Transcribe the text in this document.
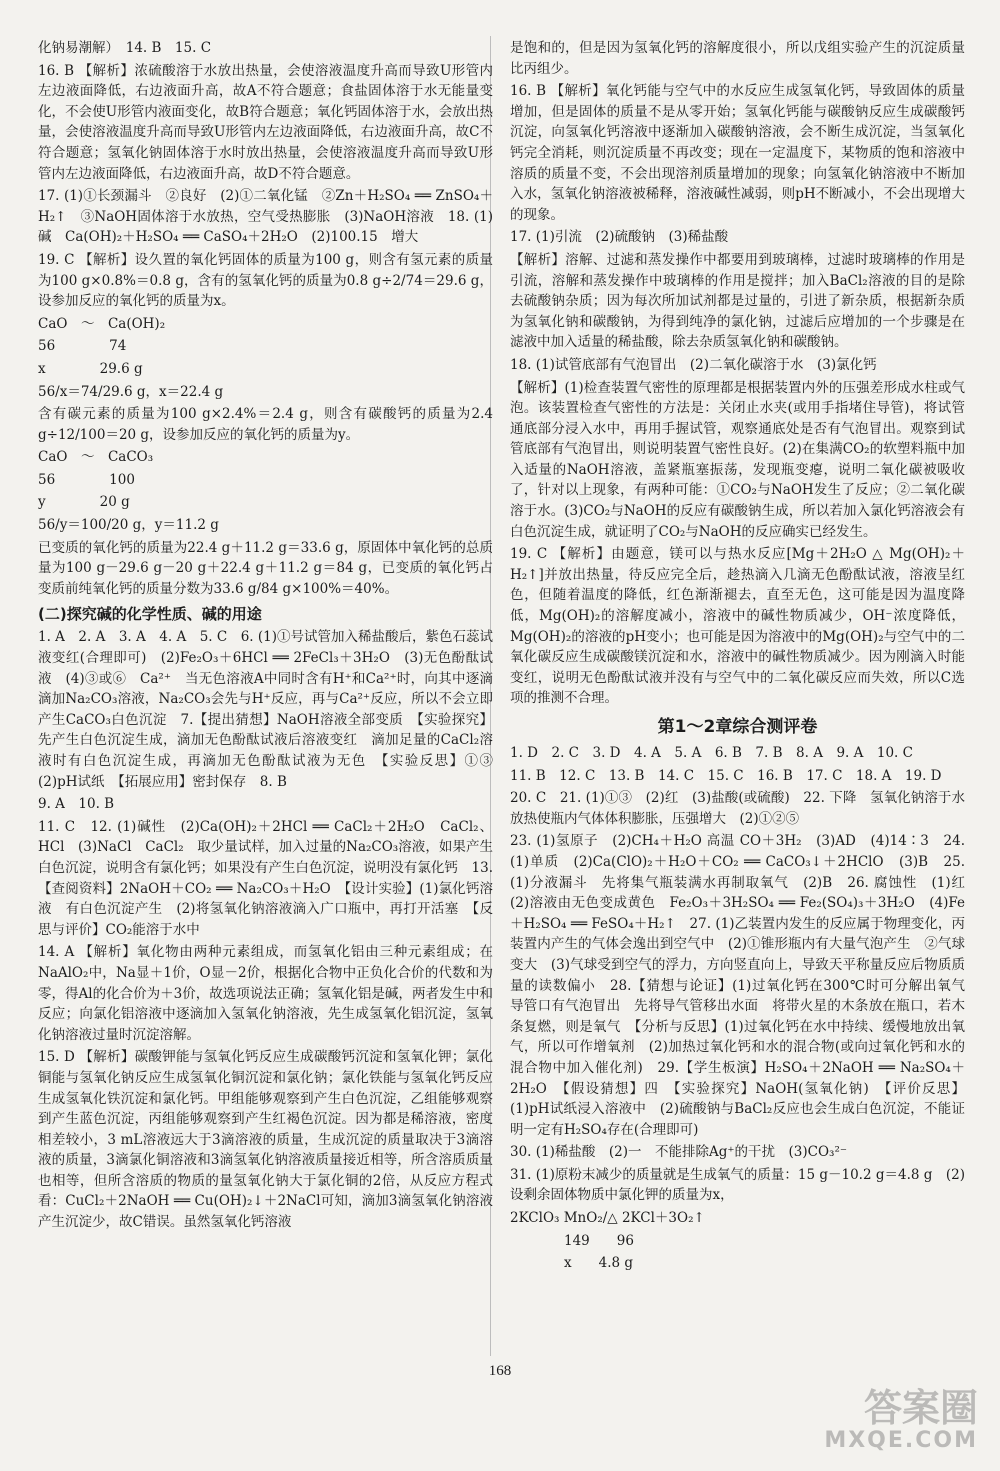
化钠易潮解）　14. B　15. C
16. B 【解析】浓硫酸溶于水放出热量，会使溶液温度升高而导致U形管内左边液面降低，右边液面升高，故A不符合题意；食盐固体溶于水无能量变化，不会使U形管内液面变化，故B符合题意；氧化钙固体溶于水，会放出热量，会使溶液温度升高而导致U形管内左边液面降低，右边液面升高，故C不符合题意；氢氧化钠固体溶于水时放出热量，会使溶液温度升高而导致U形管内左边液面降低，右边液面升高，故D不符合题意。
17. (1)①长颈漏斗　②良好　(2)①二氧化锰　②Zn＋H₂SO₄ ══ ZnSO₄＋H₂↑　③NaOH固体溶于水放热，空气受热膨胀　(3)NaOH溶液　18. (1)碱　Ca(OH)₂＋H₂SO₄ ══ CaSO₄＋2H₂O　(2)100.15　增大
19. C 【解析】设久置的氧化钙固体的质量为100 g，则含有氢元素的质量为100 g×0.8%＝0.8 g，含有的氢氧化钙的质量为0.8 g÷2/74＝29.6 g，设参加反应的氧化钙的质量为x。
CaO　～　Ca(OH)₂
56　　　　74
x　　　　29.6 g
56/x＝74/29.6 g，x＝22.4 g
含有碳元素的质量为100 g×2.4%＝2.4 g，则含有碳酸钙的质量为2.4 g÷12/100＝20 g，设参加反应的氧化钙的质量为y。
CaO　～　CaCO₃
56　　　　100
y　　　　20 g
56/y＝100/20 g，y＝11.2 g
已变质的氧化钙的质量为22.4 g＋11.2 g＝33.6 g，原固体中氧化钙的总质量为100 g－29.6 g－20 g＋22.4 g＋11.2 g＝84 g，已变质的氧化钙占变质前纯氧化钙的质量分数为33.6 g/84 g×100%＝40%。
(二)探究碱的化学性质、碱的用途
1. A　2. A　3. A　4. A　5. C　6. (1)①号试管加入稀盐酸后，紫色石蕊试液变红(合理即可)　(2)Fe₂O₃＋6HCl ══ 2FeCl₃＋3H₂O　(3)无色酚酞试液　(4)③或⑥　Ca²⁺　当无色溶液A中同时含有H⁺和Ca²⁺时，向其中逐滴滴加Na₂CO₃溶液，Na₂CO₃会先与H⁺反应，再与Ca²⁺反应，所以不会立即产生CaCO₃白色沉淀　7.【提出猜想】NaOH溶液全部变质　【实验探究】先产生白色沉淀生成，滴加无色酚酞试液后溶液变红　滴加足量的CaCl₂溶液时有白色沉淀生成，再滴加无色酚酞试液为无色　【实验反思】①③　(2)pH试纸　【拓展应用】密封保存　8. B
9. A　10. B
11. C　12. (1)碱性　(2)Ca(OH)₂＋2HCl ══ CaCl₂＋2H₂O　CaCl₂、HCl　(3)NaCl　CaCl₂　取少量试样，加入过量的Na₂CO₃溶液，如果产生白色沉淀，说明含有氯化钙；如果没有产生白色沉淀，说明没有氯化钙　13.【查阅资料】2NaOH＋CO₂ ══ Na₂CO₃＋H₂O　【设计实验】(1)氯化钙溶液　有白色沉淀产生　(2)将氢氧化钠溶液滴入广口瓶中，再打开活塞　【反思与评价】CO₂能溶于水中
14. A 【解析】氧化物由两种元素组成，而氢氧化铝由三种元素组成；在NaAlO₂中，Na显＋1价，O显－2价，根据化合物中正负化合价的代数和为零，得Al的化合价为＋3价，故选项说法正确；氢氧化铝是碱，两者发生中和反应；向氯化铝溶液中逐滴加入氢氧化钠溶液，先生成氢氧化铝沉淀，氢氧化钠溶液过量时沉淀溶解。
15. D 【解析】碳酸钾能与氢氧化钙反应生成碳酸钙沉淀和氢氧化钾；氯化铜能与氢氧化钠反应生成氢氧化铜沉淀和氯化钠；氯化铁能与氢氧化钙反应生成氢氧化铁沉淀和氯化钙。甲组能够观察到产生白色沉淀，乙组能够观察到产生蓝色沉淀，丙组能够观察到产生红褐色沉淀。因为都是稀溶液，密度相差较小，3 mL溶液远大于3滴溶液的质量，生成沉淀的质量取决于3滴溶液的质量，3滴氯化铜溶液和3滴氢氧化钠溶液质量接近相等，所含溶质质量也相等，但所含溶质的物质的量氢氧化钠大于氯化铜的2倍，从反应方程式看：CuCl₂＋2NaOH ══ Cu(OH)₂↓＋2NaCl可知，滴加3滴氢氧化钠溶液产生沉淀少，故C错误。虽然氢氧化钙溶液
是饱和的，但是因为氢氧化钙的溶解度很小，所以戊组实验产生的沉淀质量比丙组少。
16. B 【解析】氧化钙能与空气中的水反应生成氢氧化钙，导致固体的质量增加，但是固体的质量不是从零开始；氢氧化钙能与碳酸钠反应生成碳酸钙沉淀，向氢氧化钙溶液中逐渐加入碳酸钠溶液，会不断生成沉淀，当氢氧化钙完全消耗，则沉淀质量不再改变；现在一定温度下，某物质的饱和溶液中溶质的质量不变，不会出现溶剂质量增加的现象；向氢氧化钠溶液中不断加入水，氢氧化钠溶液被稀释，溶液碱性减弱，则pH不断减小，不会出现增大的现象。
17. (1)引流　(2)硫酸钠　(3)稀盐酸
【解析】溶解、过滤和蒸发操作中都要用到玻璃棒，过滤时玻璃棒的作用是引流，溶解和蒸发操作中玻璃棒的作用是搅拌；加入BaCl₂溶液的目的是除去硫酸钠杂质；因为每次所加试剂都是过量的，引进了新杂质，根据新杂质为氢氧化钠和碳酸钠，为得到纯净的氯化钠，过滤后应增加的一个步骤是在滤液中加入适量的稀盐酸，除去杂质氢氧化钠和碳酸钠。
18. (1)试管底部有气泡冒出　(2)二氧化碳溶于水　(3)氯化钙
【解析】(1)检查装置气密性的原理都是根据装置内外的压强差形成水柱或气泡。该装置检查气密性的方法是：关闭止水夹(或用手指堵住导管)，将试管通底部分浸入水中，再用手握试管，观察通底处是否有气泡冒出。观察到试管底部有气泡冒出，则说明装置气密性良好。(2)在集满CO₂的软塑料瓶中加入适量的NaOH溶液，盖紧瓶塞振荡，发现瓶变瘪，说明二氧化碳被吸收了，针对以上现象，有两种可能：①CO₂与NaOH发生了反应；②二氧化碳溶于水。(3)CO₂与NaOH的反应有碳酸钠生成，所以若加入氯化钙溶液会有白色沉淀生成，就证明了CO₂与NaOH的反应确实已经发生。
19. C 【解析】由题意，镁可以与热水反应[Mg＋2H₂O △ Mg(OH)₂＋H₂↑]并放出热量，待反应完全后，趁热滴入几滴无色酚酞试液，溶液呈红色，但随着温度的降低，红色渐渐褪去，直至无色，这可能是因为温度降低，Mg(OH)₂的溶解度减小，溶液中的碱性物质减少，OH⁻浓度降低，Mg(OH)₂的溶液的pH变小；也可能是因为溶液中的Mg(OH)₂与空气中的二氧化碳反应生成碳酸镁沉淀和水，溶液中的碱性物质减少。因为刚滴入时能变红，说明无色酚酞试液并没有与空气中的二氧化碳反应而失效，所以C选项的推测不合理。
第1～2章综合测评卷
1. D　2. C　3. D　4. A　5. A　6. B　7. B　8. A　9. A　10. C
11. B　12. C　13. B　14. C　15. C　16. B　17. C　18. A　19. D
20. C　21. (1)①③　(2)红　(3)盐酸(或硫酸)　22. 下降　氢氧化钠溶于水放热使瓶内气体体积膨胀，压强增大　(2)①②⑤
23. (1)氢原子　(2)CH₄＋H₂O 高温 CO＋3H₂　(3)AD　(4)14∶3　24. (1)单质　(2)Ca(ClO)₂＋H₂O＋CO₂ ══ CaCO₃↓＋2HClO　(3)B　25. (1)分液漏斗　先将集气瓶装满水再制取氧气　(2)B　26. 腐蚀性　(1)红　(2)溶液由无色变成黄色　Fe₂O₃＋3H₂SO₄ ══ Fe₂(SO₄)₃＋3H₂O　(4)Fe＋H₂SO₄ ══ FeSO₄＋H₂↑　27. (1)乙装置内发生的反应属于物理变化，丙装置内产生的气体会逸出到空气中　(2)①锥形瓶内有大量气泡产生　②气球变大　(3)气球受到空气的浮力，方向竖直向上，导致天平称量反应后物质质量的读数偏小　28.【猜想与论证】(1)过氧化钙在300℃时可分解出氧气　导管口有气泡冒出　先将导气管移出水面　将带火星的木条放在瓶口，若木条复燃，则是氧气　【分析与反思】(1)过氧化钙在水中持续、缓慢地放出氧气，所以可作增氧剂　(2)加热过氧化钙和水的混合物(或向过氧化钙和水的混合物中加入催化剂)　29.【学生板演】H₂SO₄＋2NaOH ══ Na₂SO₄＋2H₂O　【假设猜想】四　【实验探究】NaOH(氢氧化钠)　【评价反思】(1)pH试纸浸入溶液中　(2)硫酸钠与BaCl₂反应也会生成白色沉淀，不能证明一定有H₂SO₄存在(合理即可)
30. (1)稀盐酸　(2)一　不能排除Ag⁺的干扰　(3)CO₃²⁻
31. (1)原粉末减少的质量就是生成氧气的质量：15 g－10.2 g＝4.8 g　(2)设剩余固体物质中氯化钾的质量为x，
2KClO₃ MnO₂/△ 2KCl＋3O₂↑
　　　　149　　96
　　　　x　　4.8 g
168
答案圈
MXQE.COM
